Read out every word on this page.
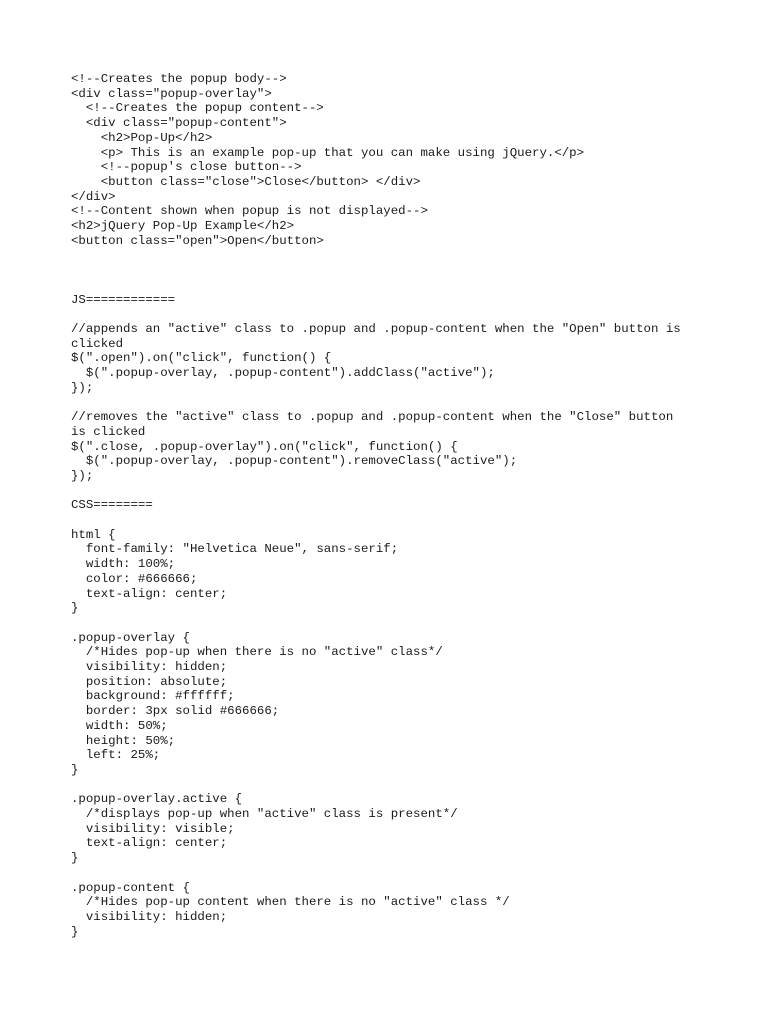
<!--Creates the popup body-->
<div class="popup-overlay">
<!--Creates the popup content-->
<div class="popup-content">
<h2>Pop-Up</h2>
<p> This is an example pop-up that you can make using jQuery.</p>
<!--popup's close button-->
<button class="close">Close</button> </div>
</div>
<!--Content shown when popup is not displayed-->
<h2>jQuery Pop-Up Example</h2>
<button class="open">Open</button>
JS============
//appends an "active" class to .popup and .popup-content when the "Open" button is
clicked
$(".open").on("click", function() {
$(".popup-overlay, .popup-content").addClass("active");
});
//removes the "active" class to .popup and .popup-content when the "Close" button
is clicked
$(".close, .popup-overlay").on("click", function() {
$(".popup-overlay, .popup-content").removeClass("active");
});
CSS========
html {
font-family: "Helvetica Neue", sans-serif;
width: 100%;
color: #666666;
text-align: center;
}
.popup-overlay {
/*Hides pop-up when there is no "active" class*/
visibility: hidden;
position: absolute;
background: #ffffff;
border: 3px solid #666666;
width: 50%;
height: 50%;
left: 25%;
}
.popup-overlay.active {
/*displays pop-up when "active" class is present*/
visibility: visible;
text-align: center;
}
.popup-content {
/*Hides pop-up content when there is no "active" class */
visibility: hidden;
}
